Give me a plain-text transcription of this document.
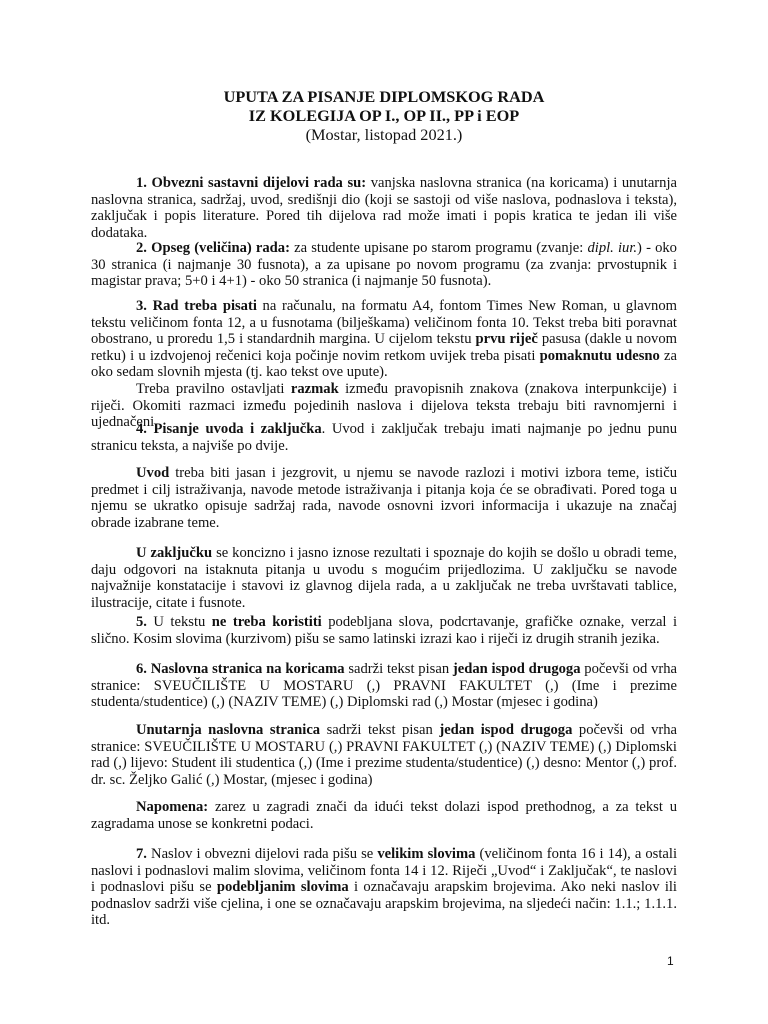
UPUTA ZA PISANJE DIPLOMSKOG RADA
IZ KOLEGIJA OP I., OP II., PP i EOP
(Mostar, listopad 2021.)

1. Obvezni sastavni dijelovi rada su: vanjska naslovna stranica (na koricama) i unutarnja naslovna stranica, sadržaj, uvod, središnji dio (koji se sastoji od više naslova, podnaslova i teksta), zaključak i popis literature. Pored tih dijelova rad može imati i popis kratica te jedan ili više dodataka.

2. Opseg (veličina) rada: za studente upisane po starom programu (zvanje: dipl. iur.) - oko 30 stranica (i najmanje 30 fusnota), a za upisane po novom programu (za zvanja: prvostupnik i magistar prava; 5+0 i 4+1) - oko 50 stranica (i najmanje 50 fusnota).

3. Rad treba pisati na računalu, na formatu A4, fontom Times New Roman, u glavnom tekstu veličinom fonta 12, a u fusnotama (bilješkama) veličinom fonta 10. Tekst treba biti poravnat obostrano, u proredu 1,5 i standardnih margina. U cijelom tekstu prvu riječ pasusa (dakle u novom retku) i u izdvojenoj rečenici koja počinje novim retkom uvijek treba pisati pomaknutu udesno za oko sedam slovnih mjesta (tj. kao tekst ove upute).

Treba pravilno ostavljati razmak između pravopisnih znakova (znakova interpunkcije) i riječi. Okomiti razmaci između pojedinih naslova i dijelova teksta trebaju biti ravnomjerni i ujednačeni.

4. Pisanje uvoda i zaključka. Uvod i zaključak trebaju imati najmanje po jednu punu stranicu teksta, a najviše po dvije.

Uvod treba biti jasan i jezgrovit, u njemu se navode razlozi i motivi izbora teme, ističu predmet i cilj istraživanja, navode metode istraživanja i pitanja koja će se obrađivati. Pored toga u njemu se ukratko opisuje sadržaj rada, navode osnovni izvori informacija i ukazuje na značaj obrade izabrane teme.

U zaključku se koncizno i jasno iznose rezultati i spoznaje do kojih se došlo u obradi teme, daju odgovori na istaknuta pitanja u uvodu s mogućim prijedlozima. U zaključku se navode najvažnije konstatacije i stavovi iz glavnog dijela rada, a u zaključak ne treba uvrštavati tablice, ilustracije, citate i fusnote.

5. U tekstu ne treba koristiti podebljana slova, podcrtavanje, grafičke oznake, verzal i slično. Kosim slovima (kurzivom) pišu se samo latinski izrazi kao i riječi iz drugih stranih jezika.

6. Naslovna stranica na koricama sadrži tekst pisan jedan ispod drugoga počevši od vrha stranice: SVEUČILIŠTE U MOSTARU (,) PRAVNI FAKULTET (,) (Ime i prezime studenta/studentice) (,) (NAZIV TEME) (,) Diplomski rad (,) Mostar (mjesec i godina)

Unutarnja naslovna stranica sadrži tekst pisan jedan ispod drugoga počevši od vrha stranice: SVEUČILIŠTE U MOSTARU (,) PRAVNI FAKULTET (,) (NAZIV TEME) (,) Diplomski rad (,) lijevo: Student ili studentica (,) (Ime i prezime studenta/studentice) (,) desno: Mentor (,) prof. dr. sc. Željko Galić (,) Mostar, (mjesec i godina)

Napomena: zarez u zagradi znači da idući tekst dolazi ispod prethodnog, a za tekst u zagradama unose se konkretni podaci.

7. Naslov i obvezni dijelovi rada pišu se velikim slovima (veličinom fonta 16 i 14), a ostali naslovi i podnaslovi malim slovima, veličinom fonta 14 i 12. Riječi „Uvod“ i Zaključak“, te naslovi i podnaslovi pišu se podebljanim slovima i označavaju arapskim brojevima. Ako neki naslov ili podnaslov sadrži više cjelina, i one se označavaju arapskim brojevima, na sljedeći način: 1.1.; 1.1.1. itd.

1
